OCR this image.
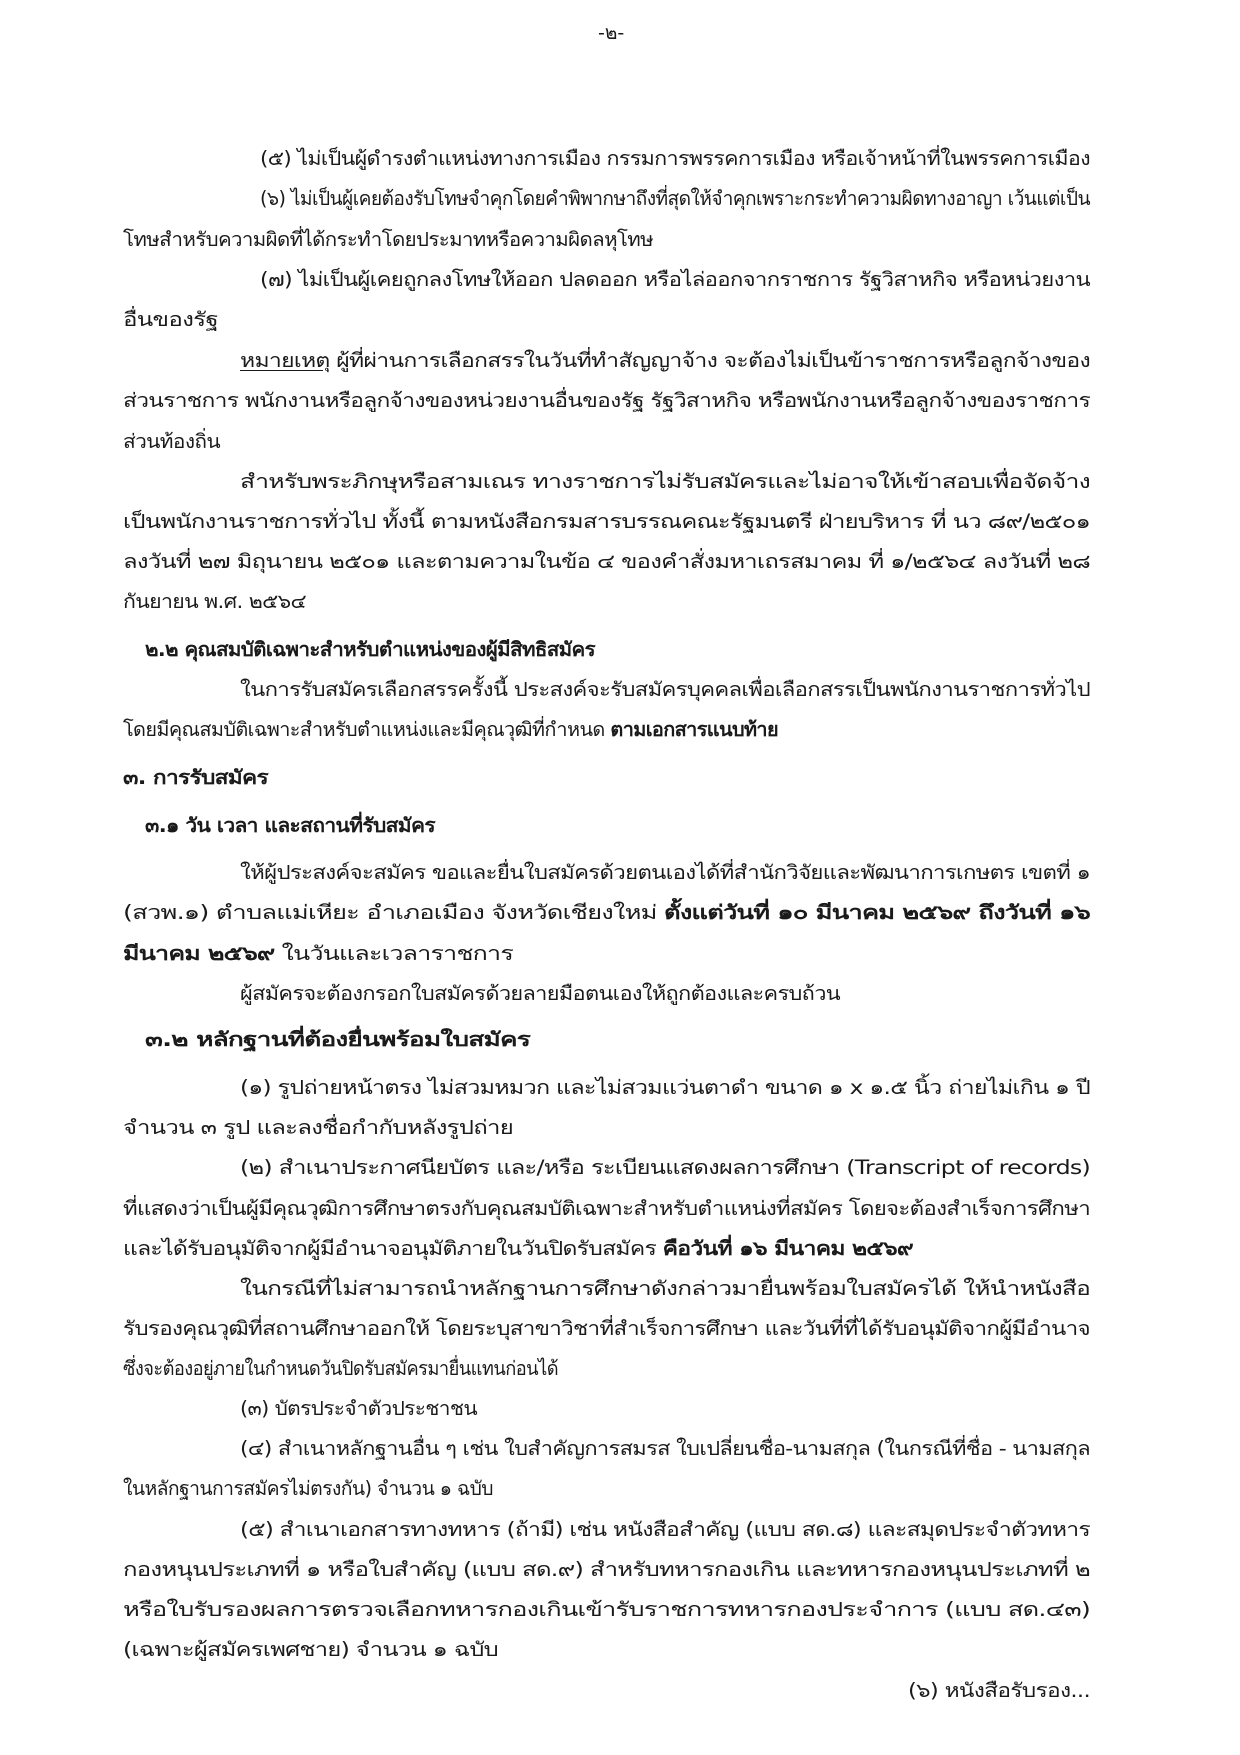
-๒-
(๕) ไม่เป็นผู้ดำรงตำแหน่งทางการเมือง กรรมการพรรคการเมือง หรือเจ้าหน้าที่ในพรรคการเมือง
(๖) ไม่เป็นผู้เคยต้องรับโทษจำคุกโดยคำพิพากษาถึงที่สุดให้จำคุกเพราะกระทำความผิดทางอาญา เว้นแต่เป็น
โทษสำหรับความผิดที่ได้กระทำโดยประมาทหรือความผิดลหุโทษ
(๗) ไม่เป็นผู้เคยถูกลงโทษให้ออก ปลดออก หรือไล่ออกจากราชการ รัฐวิสาหกิจ หรือหน่วยงาน
อื่นของรัฐ
หมายเหตุ ผู้ที่ผ่านการเลือกสรรในวันที่ทำสัญญาจ้าง จะต้องไม่เป็นข้าราชการหรือลูกจ้างของ
ส่วนราชการ พนักงานหรือลูกจ้างของหน่วยงานอื่นของรัฐ รัฐวิสาหกิจ หรือพนักงานหรือลูกจ้างของราชการ
ส่วนท้องถิ่น
สำหรับพระภิกษุหรือสามเณร ทางราชการไม่รับสมัครและไม่อาจให้เข้าสอบเพื่อจัดจ้าง
เป็นพนักงานราชการทั่วไป ทั้งนี้ ตามหนังสือกรมสารบรรณคณะรัฐมนตรี ฝ่ายบริหาร ที่ นว ๘๙/๒๕๐๑
ลงวันที่ ๒๗ มิถุนายน ๒๕๐๑ และตามความในข้อ ๔ ของคำสั่งมหาเถรสมาคม ที่ ๑/๒๕๖๔ ลงวันที่ ๒๘
กันยายน พ.ศ. ๒๕๖๔
๒.๒ คุณสมบัติเฉพาะสำหรับตำแหน่งของผู้มีสิทธิสมัคร
ในการรับสมัครเลือกสรรครั้งนี้ ประสงค์จะรับสมัครบุคคลเพื่อเลือกสรรเป็นพนักงานราชการทั่วไป
โดยมีคุณสมบัติเฉพาะสำหรับตำแหน่งและมีคุณวุฒิที่กำหนด ตามเอกสารแนบท้าย
๓. การรับสมัคร
๓.๑ วัน เวลา และสถานที่รับสมัคร
ให้ผู้ประสงค์จะสมัคร ขอและยื่นใบสมัครด้วยตนเองได้ที่สำนักวิจัยและพัฒนาการเกษตร เขตที่ ๑
(สวพ.๑) ตำบลแม่เหียะ อำเภอเมือง จังหวัดเชียงใหม่ ตั้งแต่วันที่ ๑๐ มีนาคม ๒๕๖๙ ถึงวันที่ ๑๖
มีนาคม ๒๕๖๙ ในวันและเวลาราชการ
ผู้สมัครจะต้องกรอกใบสมัครด้วยลายมือตนเองให้ถูกต้องและครบถ้วน
๓.๒ หลักฐานที่ต้องยื่นพร้อมใบสมัคร
(๑) รูปถ่ายหน้าตรง ไม่สวมหมวก และไม่สวมแว่นตาดำ ขนาด ๑ x ๑.๕ นิ้ว ถ่ายไม่เกิน ๑ ปี
จำนวน ๓ รูป และลงชื่อกำกับหลังรูปถ่าย
(๒) สำเนาประกาศนียบัตร และ/หรือ ระเบียนแสดงผลการศึกษา (Transcript of records)
ที่แสดงว่าเป็นผู้มีคุณวุฒิการศึกษาตรงกับคุณสมบัติเฉพาะสำหรับตำแหน่งที่สมัคร โดยจะต้องสำเร็จการศึกษา
และได้รับอนุมัติจากผู้มีอำนาจอนุมัติภายในวันปิดรับสมัคร คือวันที่ ๑๖ มีนาคม ๒๕๖๙
ในกรณีที่ไม่สามารถนำหลักฐานการศึกษาดังกล่าวมายื่นพร้อมใบสมัครได้ ให้นำหนังสือ
รับรองคุณวุฒิที่สถานศึกษาออกให้ โดยระบุสาขาวิชาที่สำเร็จการศึกษา และวันที่ที่ได้รับอนุมัติจากผู้มีอำนาจ
ซึ่งจะต้องอยู่ภายในกำหนดวันปิดรับสมัครมายื่นแทนก่อนได้
(๓) บัตรประจำตัวประชาชน
(๔) สำเนาหลักฐานอื่น ๆ เช่น ใบสำคัญการสมรส ใบเปลี่ยนชื่อ-นามสกุล (ในกรณีที่ชื่อ - นามสกุล
ในหลักฐานการสมัครไม่ตรงกัน) จำนวน ๑ ฉบับ
(๕) สำเนาเอกสารทางทหาร (ถ้ามี) เช่น หนังสือสำคัญ (แบบ สด.๘) และสมุดประจำตัวทหาร
กองหนุนประเภทที่ ๑ หรือใบสำคัญ (แบบ สด.๙) สำหรับทหารกองเกิน และทหารกองหนุนประเภทที่ ๒
หรือใบรับรองผลการตรวจเลือกทหารกองเกินเข้ารับราชการทหารกองประจำการ (แบบ สด.๔๓)
(เฉพาะผู้สมัครเพศชาย) จำนวน ๑ ฉบับ
(๖) หนังสือรับรอง...
